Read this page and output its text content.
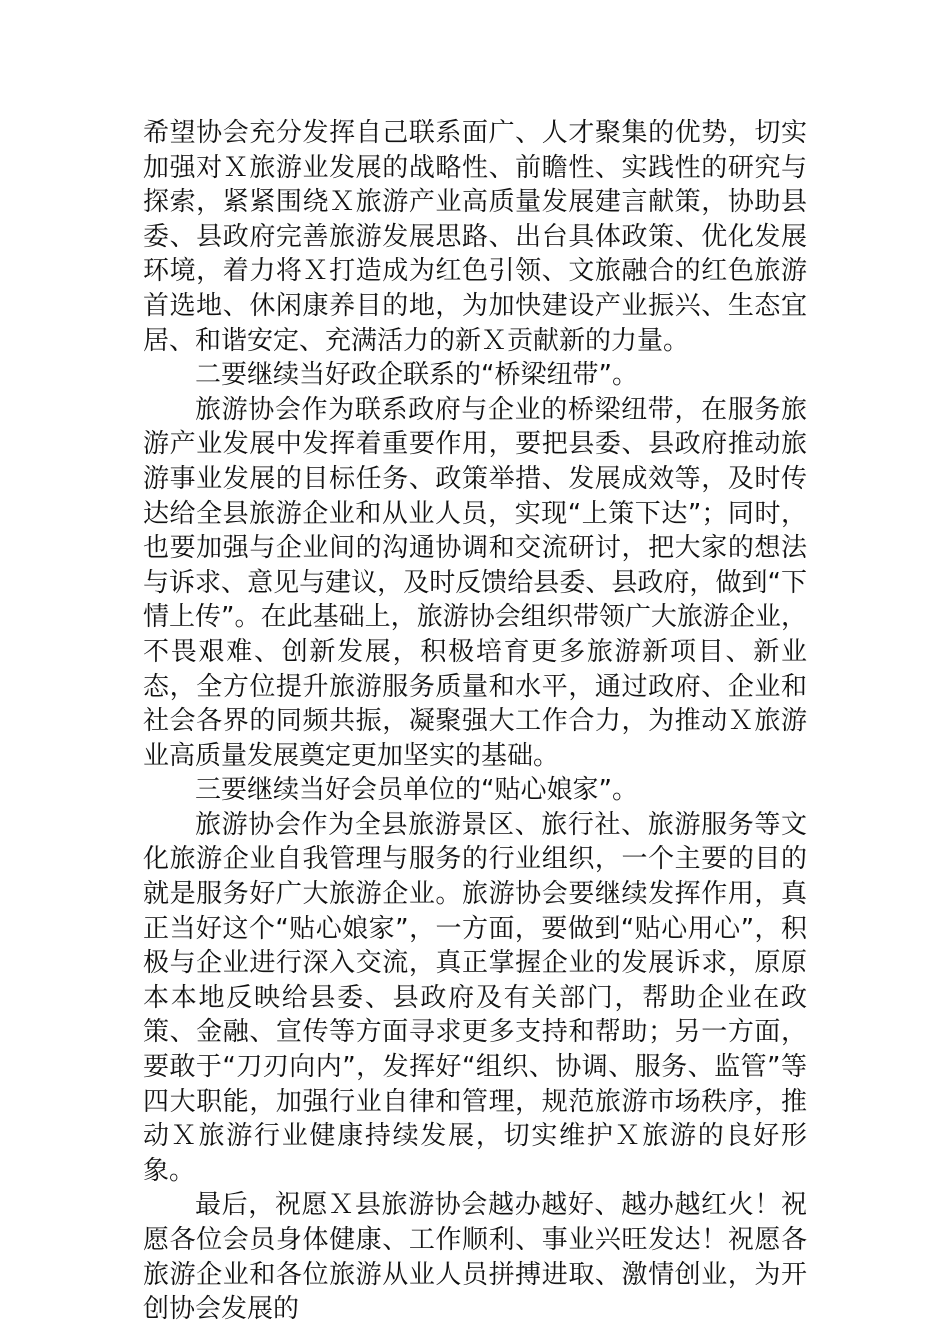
希望协会充分发挥自己联系面广、人才聚集的优势，切实加强对Ｘ旅游业发展的战略性、前瞻性、实践性的研究与探索，紧紧围绕Ｘ旅游产业高质量发展建言献策，协助县委、县政府完善旅游发展思路、出台具体政策、优化发展环境，着力将Ｘ打造成为红色引领、文旅融合的红色旅游首选地、休闲康养目的地，为加快建设产业振兴、生态宜居、和谐安定、充满活力的新Ｘ贡献新的力量。

二要继续当好政企联系的“桥梁纽带”。

旅游协会作为联系政府与企业的桥梁纽带，在服务旅游产业发展中发挥着重要作用，要把县委、县政府推动旅游事业发展的目标任务、政策举措、发展成效等，及时传达给全县旅游企业和从业人员，实现“上策下达”；同时，也要加强与企业间的沟通协调和交流研讨，把大家的想法与诉求、意见与建议，及时反馈给县委、县政府，做到“下情上传”。在此基础上，旅游协会组织带领广大旅游企业，不畏艰难、创新发展，积极培育更多旅游新项目、新业态，全方位提升旅游服务质量和水平，通过政府、企业和社会各界的同频共振，凝聚强大工作合力，为推动Ｘ旅游业高质量发展奠定更加坚实的基础。

三要继续当好会员单位的“贴心娘家”。

旅游协会作为全县旅游景区、旅行社、旅游服务等文化旅游企业自我管理与服务的行业组织，一个主要的目的就是服务好广大旅游企业。旅游协会要继续发挥作用，真正当好这个“贴心娘家”，一方面，要做到“贴心用心”，积极与企业进行深入交流，真正掌握企业的发展诉求，原原本本地反映给县委、县政府及有关部门，帮助企业在政策、金融、宣传等方面寻求更多支持和帮助；另一方面，要敢于“刀刃向内”，发挥好“组织、协调、服务、监管”等四大职能，加强行业自律和管理，规范旅游市场秩序，推动Ｘ旅游行业健康持续发展，切实维护Ｘ旅游的良好形象。

最后，祝愿Ｘ县旅游协会越办越好、越办越红火！祝愿各位会员身体健康、工作顺利、事业兴旺发达！祝愿各旅游企业和各位旅游从业人员拼搏进取、激情创业，为开创协会发展的
